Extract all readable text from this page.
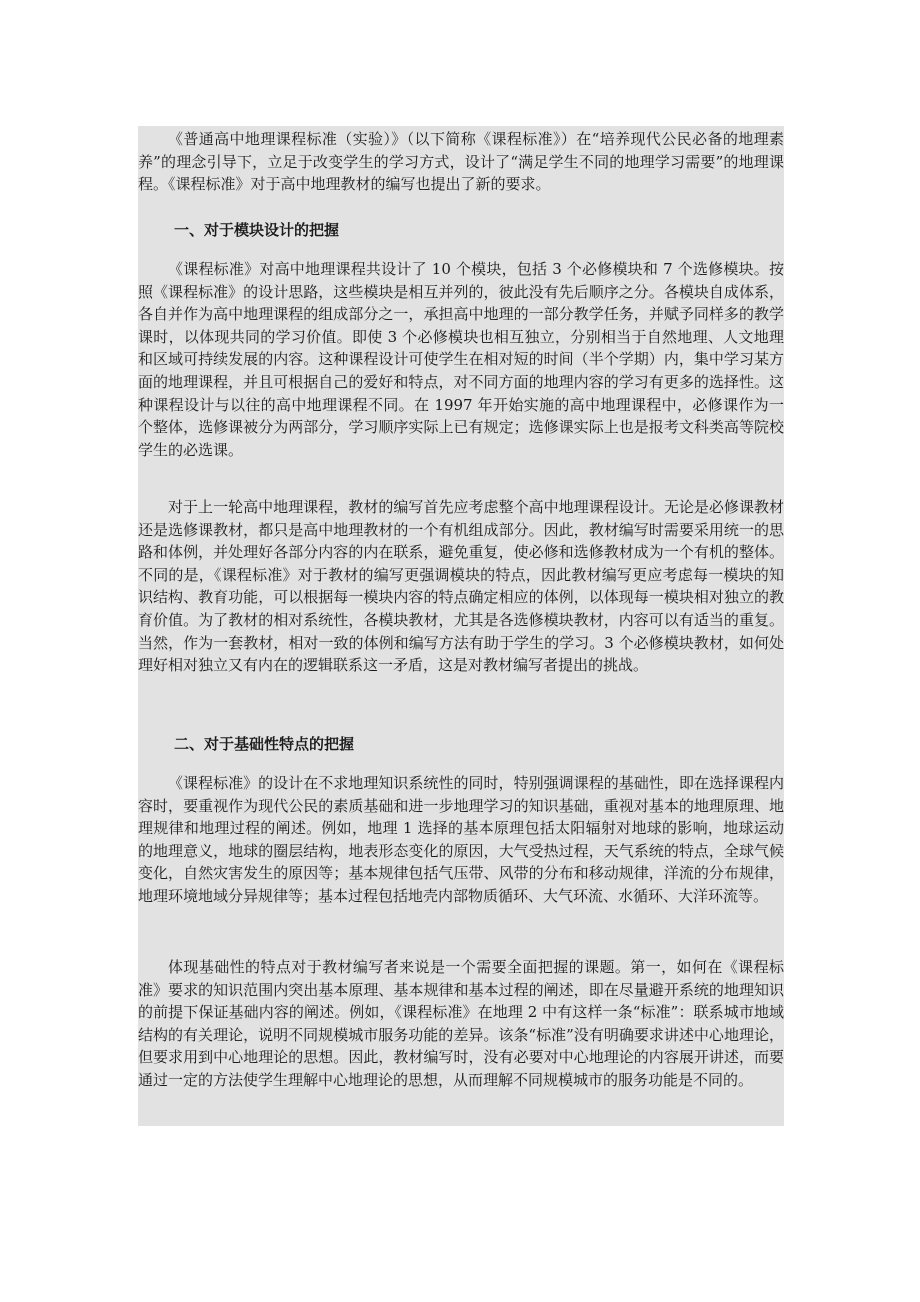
《普通高中地理课程标准（实验）》（以下简称《课程标准》）在“培养现代公民必备的地理素养”的理念引导下，立足于改变学生的学习方式，设计了“满足学生不同的地理学习需要”的地理课程。《课程标准》对于高中地理教材的编写也提出了新的要求。

一、对于模块设计的把握

《课程标准》对高中地理课程共设计了 10 个模块，包括 3 个必修模块和 7 个选修模块。按照《课程标准》的设计思路，这些模块是相互并列的，彼此没有先后顺序之分。各模块自成体系，各自并作为高中地理课程的组成部分之一，承担高中地理的一部分教学任务，并赋予同样多的教学课时，以体现共同的学习价值。即使 3 个必修模块也相互独立，分别相当于自然地理、人文地理和区域可持续发展的内容。这种课程设计可使学生在相对短的时间（半个学期）内，集中学习某方面的地理课程，并且可根据自己的爱好和特点，对不同方面的地理内容的学习有更多的选择性。这种课程设计与以往的高中地理课程不同。在 1997 年开始实施的高中地理课程中，必修课作为一个整体，选修课被分为两部分，学习顺序实际上已有规定；选修课实际上也是报考文科类高等院校学生的必选课。

对于上一轮高中地理课程，教材的编写首先应考虑整个高中地理课程设计。无论是必修课教材还是选修课教材，都只是高中地理教材的一个有机组成部分。因此，教材编写时需要采用统一的思路和体例，并处理好各部分内容的内在联系，避免重复，使必修和选修教材成为一个有机的整体。不同的是，《课程标准》对于教材的编写更强调模块的特点，因此教材编写更应考虑每一模块的知识结构、教育功能，可以根据每一模块内容的特点确定相应的体例，以体现每一模块相对独立的教育价值。为了教材的相对系统性，各模块教材，尤其是各选修模块教材，内容可以有适当的重复。当然，作为一套教材，相对一致的体例和编写方法有助于学生的学习。3 个必修模块教材，如何处理好相对独立又有内在的逻辑联系这一矛盾，这是对教材编写者提出的挑战。

二、对于基础性特点的把握

《课程标准》的设计在不求地理知识系统性的同时，特别强调课程的基础性，即在选择课程内容时，要重视作为现代公民的素质基础和进一步地理学习的知识基础，重视对基本的地理原理、地理规律和地理过程的阐述。例如，地理 1 选择的基本原理包括太阳辐射对地球的影响，地球运动的地理意义，地球的圈层结构，地表形态变化的原因，大气受热过程，天气系统的特点，全球气候变化，自然灾害发生的原因等；基本规律包括气压带、风带的分布和移动规律，洋流的分布规律，地理环境地域分异规律等；基本过程包括地壳内部物质循环、大气环流、水循环、大洋环流等。

体现基础性的特点对于教材编写者来说是一个需要全面把握的课题。第一，如何在《课程标准》要求的知识范围内突出基本原理、基本规律和基本过程的阐述，即在尽量避开系统的地理知识的前提下保证基础内容的阐述。例如，《课程标准》在地理 2 中有这样一条“标准”：联系城市地域结构的有关理论，说明不同规模城市服务功能的差异。该条“标准”没有明确要求讲述中心地理论，但要求用到中心地理论的思想。因此，教材编写时，没有必要对中心地理论的内容展开讲述，而要通过一定的方法使学生理解中心地理论的思想，从而理解不同规模城市的服务功能是不同的。
